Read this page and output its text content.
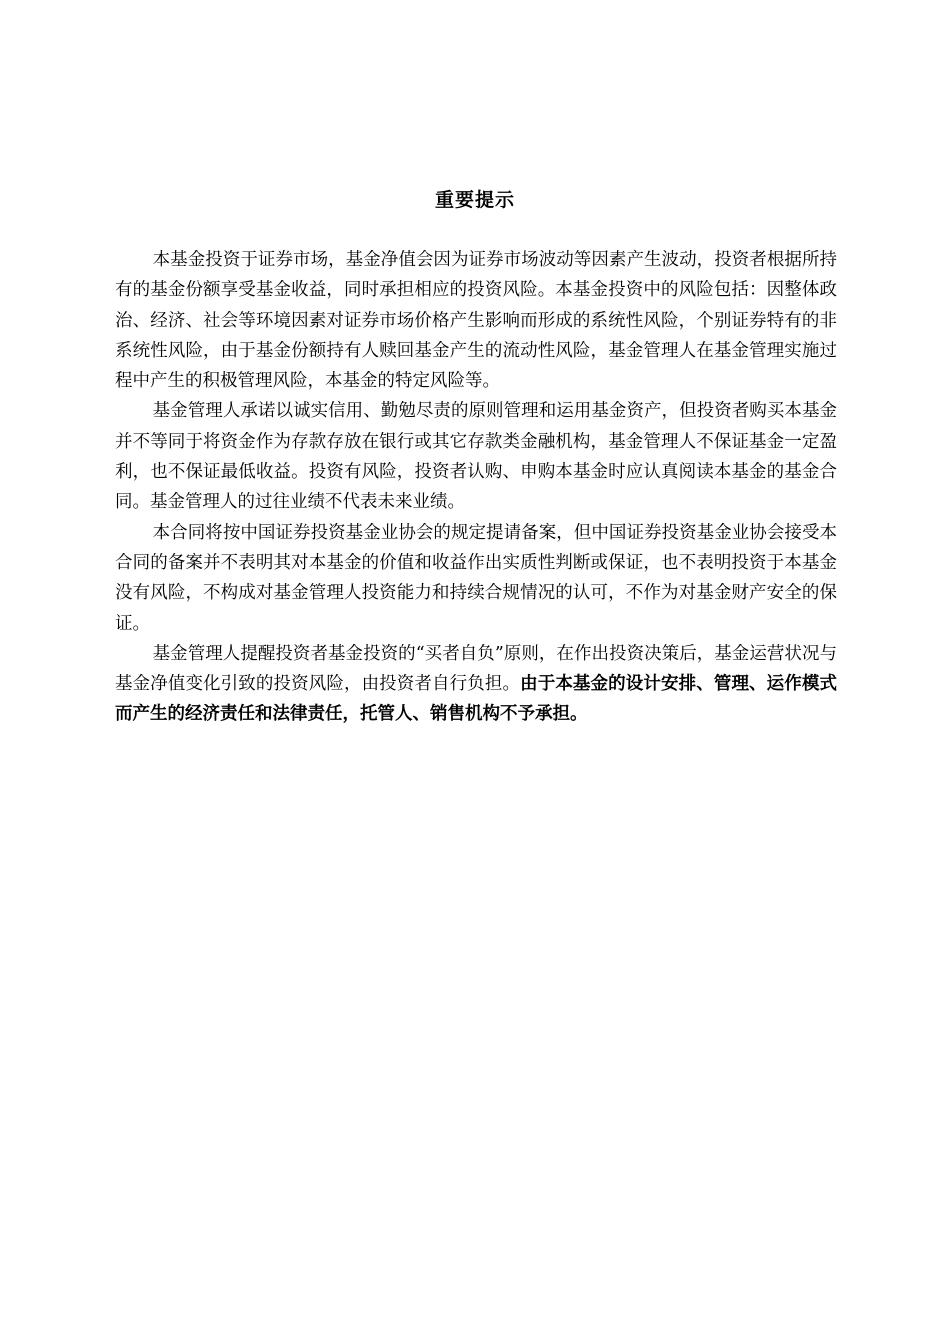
重要提示

本基金投资于证券市场，基金净值会因为证券市场波动等因素产生波动，投资者根据所持有的基金份额享受基金收益，同时承担相应的投资风险。本基金投资中的风险包括：因整体政治、经济、社会等环境因素对证券市场价格产生影响而形成的系统性风险，个别证券特有的非系统性风险，由于基金份额持有人赎回基金产生的流动性风险，基金管理人在基金管理实施过程中产生的积极管理风险，本基金的特定风险等。

基金管理人承诺以诚实信用、勤勉尽责的原则管理和运用基金资产，但投资者购买本基金并不等同于将资金作为存款存放在银行或其它存款类金融机构，基金管理人不保证基金一定盈利，也不保证最低收益。投资有风险，投资者认购、申购本基金时应认真阅读本基金的基金合同。基金管理人的过往业绩不代表未来业绩。

本合同将按中国证券投资基金业协会的规定提请备案，但中国证券投资基金业协会接受本合同的备案并不表明其对本基金的价值和收益作出实质性判断或保证，也不表明投资于本基金没有风险，不构成对基金管理人投资能力和持续合规情况的认可，不作为对基金财产安全的保证。

基金管理人提醒投资者基金投资的“买者自负”原则，在作出投资决策后，基金运营状况与基金净值变化引致的投资风险，由投资者自行负担。由于本基金的设计安排、管理、运作模式而产生的经济责任和法律责任，托管人、销售机构不予承担。
